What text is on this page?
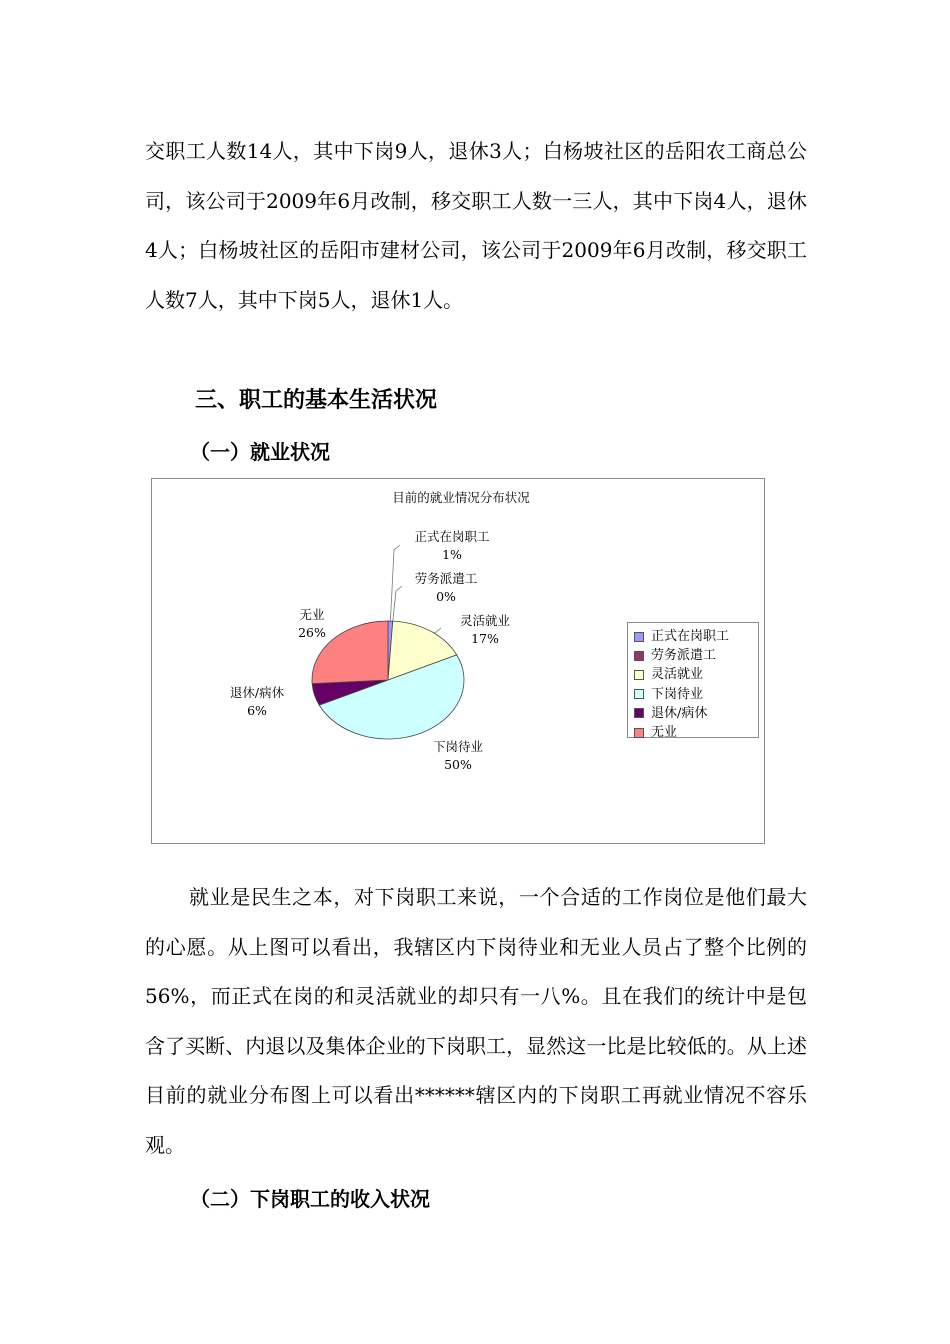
交职工人数14人，其中下岗9人，退休3人；白杨坡社区的岳阳农工商总公司，该公司于2009年6月改制，移交职工人数一三人，其中下岗4人，退休4人；白杨坡社区的岳阳市建材公司，该公司于2009年6月改制，移交职工人数7人，其中下岗5人，退休1人。
三、职工的基本生活状况
（一）就业状况
目前的就业情况分布状况
正式在岗职工
1%
劳务派遣工
0%
灵活就业
17%
下岗待业
50%
退休/病休
6%
无业
26%	正式在岗职工
劳务派遣工
灵活就业
下岗待业
退休/病休
无业
就业是民生之本，对下岗职工来说，一个合适的工作岗位是他们最大的心愿。从上图可以看出，我辖区内下岗待业和无业人员占了整个比例的56%，而正式在岗的和灵活就业的却只有一八%。且在我们的统计中是包含了买断、内退以及集体企业的下岗职工，显然这一比是比较低的。从上述目前的就业分布图上可以看出******辖区内的下岗职工再就业情况不容乐观。
（二）下岗职工的收入状况
